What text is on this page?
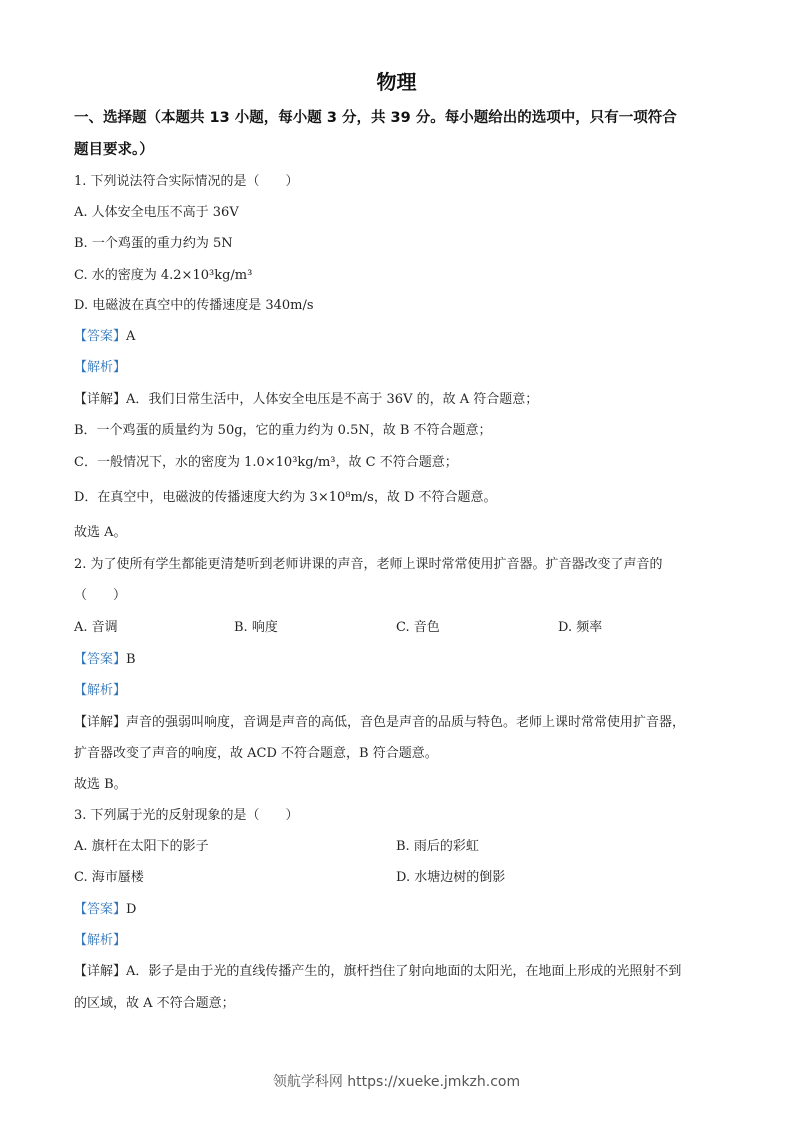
物理
一、选择题（本题共 13 小题，每小题 3 分，共 39 分。每小题给出的选项中，只有一项符合
题目要求。）
1. 下列说法符合实际情况的是（　　）
A. 人体安全电压不高于 36V
B. 一个鸡蛋的重力约为 5N
C. 水的密度为 4.2×10³kg/m³
D. 电磁波在真空中的传播速度是 340m/s
【答案】A
【解析】
【详解】A．我们日常生活中，人体安全电压是不高于 36V 的，故 A 符合题意；
B．一个鸡蛋的质量约为 50g，它的重力约为 0.5N，故 B 不符合题意；
C．一般情况下，水的密度为 1.0×10³kg/m³，故 C 不符合题意；
D．在真空中，电磁波的传播速度大约为 3×10⁸m/s，故 D 不符合题意。
故选 A。
2. 为了使所有学生都能更清楚听到老师讲课的声音，老师上课时常常使用扩音器。扩音器改变了声音的
（　　）
A. 音调	B. 响度	C. 音色	D. 频率
【答案】B
【解析】
【详解】声音的强弱叫响度，音调是声音的高低，音色是声音的品质与特色。老师上课时常常使用扩音器，
扩音器改变了声音的响度，故 ACD 不符合题意，B 符合题意。
故选 B。
3. 下列属于光的反射现象的是（　　）
A. 旗杆在太阳下的影子	B. 雨后的彩虹
C. 海市蜃楼	D. 水塘边树的倒影
【答案】D
【解析】
【详解】A．影子是由于光的直线传播产生的，旗杆挡住了射向地面的太阳光，在地面上形成的光照射不到
的区域，故 A 不符合题意；
领航学科网 https://xueke.jmkzh.com
